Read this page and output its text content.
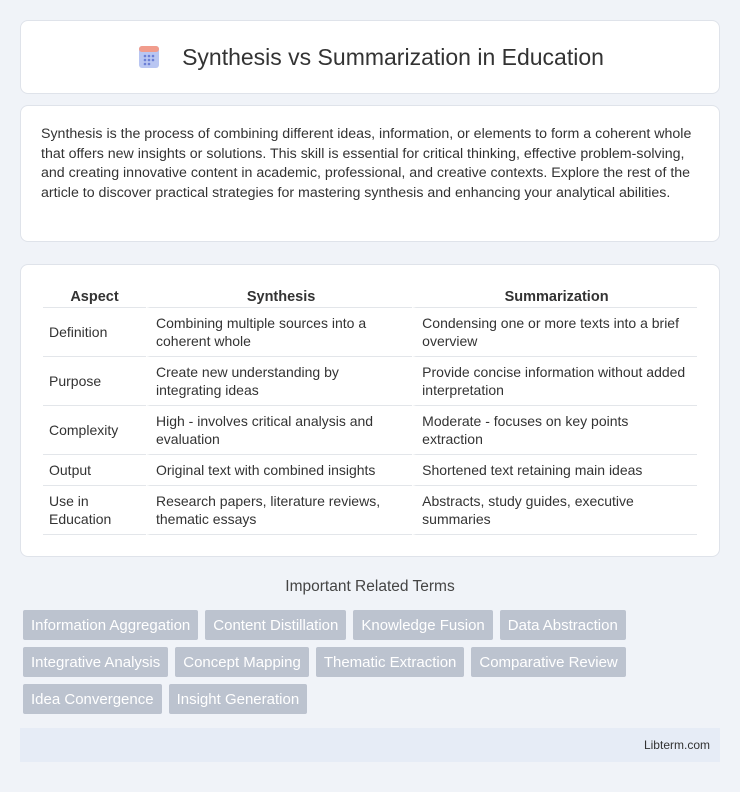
Synthesis vs Summarization in Education

Synthesis is the process of combining different ideas, information, or elements to form a coherent whole that offers new insights or solutions. This skill is essential for critical thinking, effective problem-solving, and creating innovative content in academic, professional, and creative contexts. Explore the rest of the article to discover practical strategies for mastering synthesis and enhancing your analytical abilities.

Aspect	Synthesis	Summarization
Definition	Combining multiple sources into a coherent whole	Condensing one or more texts into a brief overview
Purpose	Create new understanding by integrating ideas	Provide concise information without added interpretation
Complexity	High - involves critical analysis and evaluation	Moderate - focuses on key points extraction
Output	Original text with combined insights	Shortened text retaining main ideas
Use in Education	Research papers, literature reviews, thematic essays	Abstracts, study guides, executive summaries
Important Related Terms
Information Aggregation	Content Distillation	Knowledge Fusion	Data Abstraction
Integrative Analysis	Concept Mapping	Thematic Extraction	Comparative Review
Idea Convergence	Insight Generation
Libterm.com
